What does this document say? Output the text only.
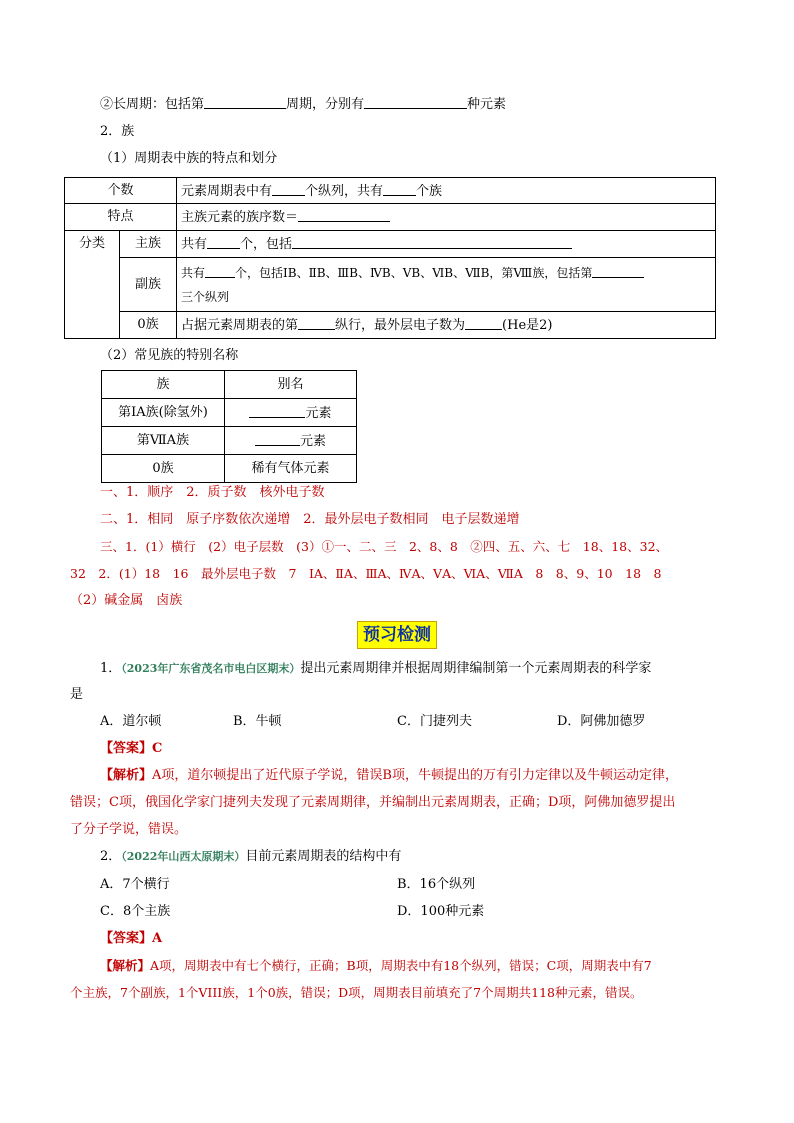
②长周期：包括第	周期，分别有	种元素
2．族
（1）周期表中族的特点和划分
个数		元素周期表中有 个纵列，共有 个族
特点		主族元素的族序数＝
分类	主族	共有 个，包括
	副族	共有 个，包括ⅠB、ⅡB、ⅢB、ⅣB、ⅤB、ⅥB、ⅦB，第Ⅷ族，包括第
三个纵列
	0族	占据元素周期表的第 纵行，最外层电子数为 (He是2)
（2）常见族的特别名称
族	别名
第ⅠA族(除氢外)	元素
第ⅦA族	元素
0族	稀有气体元素
一、1．顺序　2．质子数　核外电子数
二、1．相同　原子序数依次递增　2．最外层电子数相同　电子层数递增
三、1．(1）横行　(2）电子层数　(3）①一、二、三　2、8、8　②四、五、六、七　18、18、32、
32　2．(1）18　16　最外层电子数　7　ⅠA、ⅡA、ⅢA、ⅣA、ⅤA、ⅥA、ⅦA　8　8、9、10　18　8
（2）碱金属　卤族
预习检测
1．（2023年广东省茂名市电白区期末）提出元素周期律并根据周期律编制第一个元素周期表的科学家
是
A．道尔顿	B．牛顿	C．门捷列夫	D．阿佛加德罗
【答案】C
【解析】A项，道尔顿提出了近代原子学说，错误B项，牛顿提出的万有引力定律以及牛顿运动定律，
错误；C项，俄国化学家门捷列夫发现了元素周期律，并编制出元素周期表，正确；D项，阿佛加德罗提出
了分子学说，错误。
2．（2022年山西太原期末）目前元素周期表的结构中有
A．7个横行	B．16个纵列
C．8个主族	D．100种元素
【答案】A
【解析】A项，周期表中有七个横行，正确；B项，周期表中有18个纵列，错误；C项，周期表中有7
个主族，7个副族，1个VIII族，1个0族，错误；D项，周期表目前填充了7个周期共118种元素，错误。
